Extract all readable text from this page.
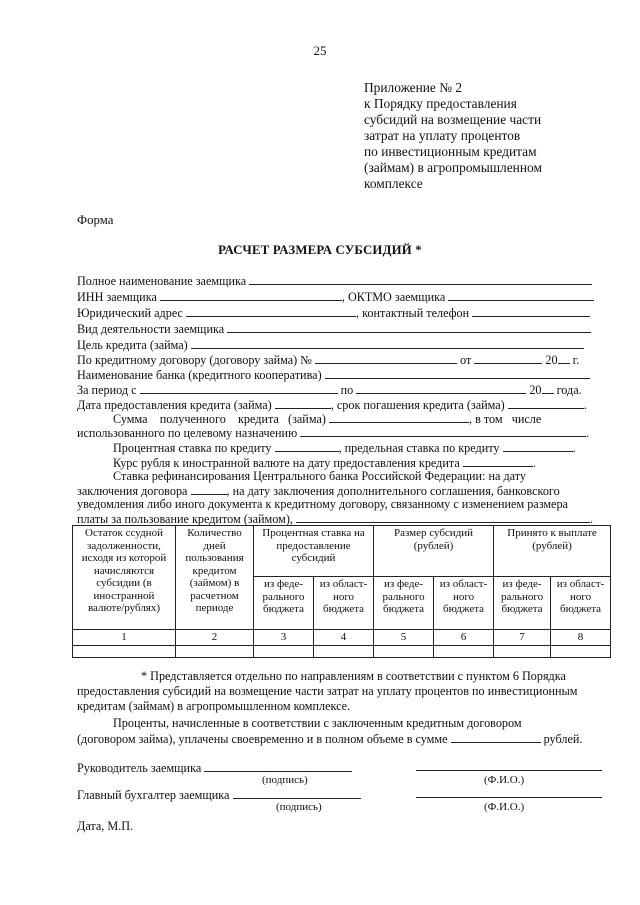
25
Приложение № 2
к Порядку предоставления
субсидий на возмещение части
затрат на уплату процентов
по инвестиционным кредитам
(займам) в агропромышленном
комплексе
Форма
РАСЧЕТ РАЗМЕРА СУБСИДИЙ *
Полное наименование заемщика
ИНН заемщика	, ОКТМО заемщика
Юридический адрес	, контактный телефон
Вид деятельности заемщика
Цель кредита (займа)
По кредитному договору (договору займа) №	от	20 г.
Наименование банка (кредитного кооператива)
За период с	по	20 года.
Дата предоставления кредита (займа)	, срок погашения кредита (займа)	.
Сумма полученного кредита (займа)	, в том числе
использованного по целевому назначению	.
Процентная ставка по кредиту	, предельная ставка по кредиту	.
Курс рубля к иностранной валюте на дату предоставления кредита	.
Ставка рефинансирования Центрального банка Российской Федерации: на дату
заключения договора	, на дату заключения дополнительного соглашения, банковского
уведомления либо иного документа к кредитному договору, связанному с изменением размера
платы за пользование кредитом (займом),	.
Остаток ссудной задолженности, исходя из которой начисляются субсидии (в иностранной валюте/рублях)	Количество дней пользования кредитом (займом) в расчетном периоде	Процентная ставка на предоставление субсидий		Размер субсидий (рублей)		Принято к выплате (рублей)	
		из феде-рального бюджета	из област-ного бюджета	из феде-рального бюджета	из област-ного бюджета	из феде-рального бюджета	из област-ного бюджета
1	2	3	4	5	6	7	8

* Представляется отдельно по направлениям в соответствии с пунктом 6 Порядка
предоставления субсидий на возмещение части затрат на уплату процентов по инвестиционным
кредитам (займам) в агропромышленном комплексе.
Проценты, начисленные в соответствии с заключенным кредитным договором
(договором займа), уплачены своевременно и в полном объеме в сумме	рублей.
Руководитель заемщика
(подпись)	(Ф.И.О.)
Главный бухгалтер заемщика
(подпись)	(Ф.И.О.)
Дата, М.П.
